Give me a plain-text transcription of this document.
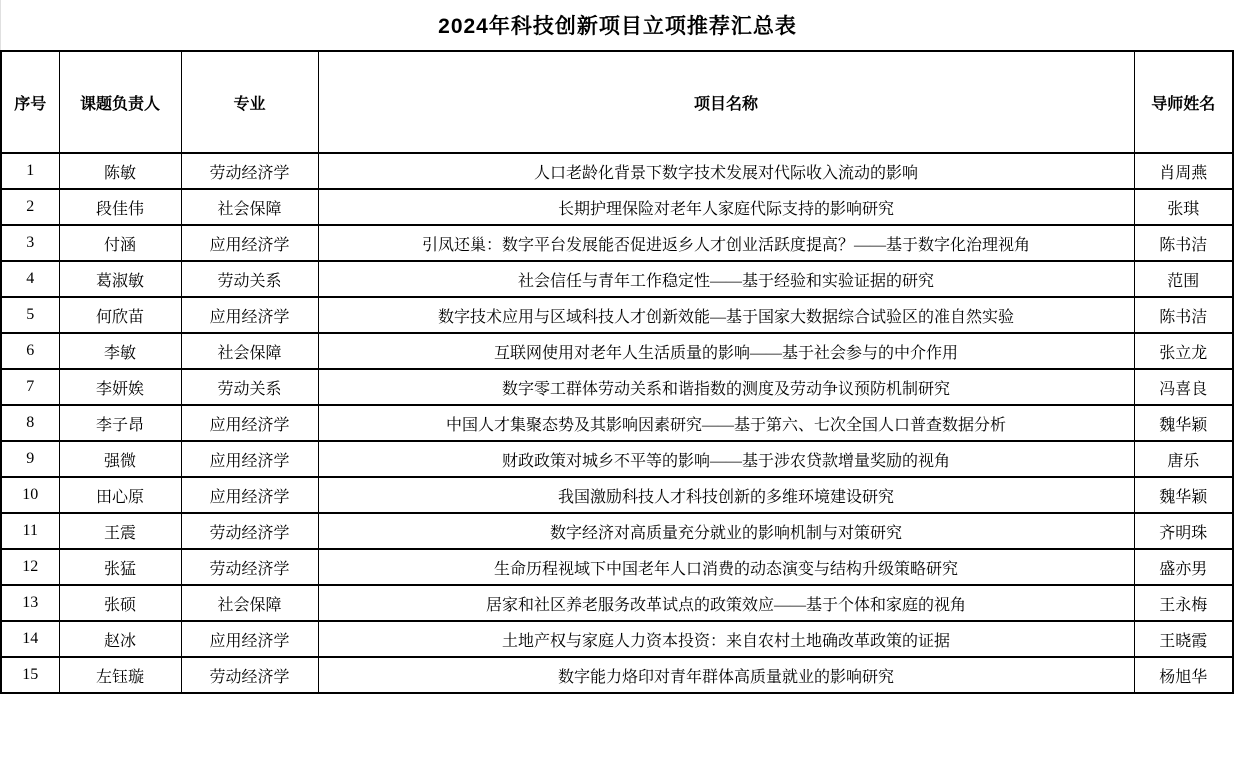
2024年科技创新项目立项推荐汇总表
序号	课题负责人	专业	项目名称	导师姓名
1	陈敏	劳动经济学	人口老龄化背景下数字技术发展对代际收入流动的影响	肖周燕
2	段佳伟	社会保障	长期护理保险对老年人家庭代际支持的影响研究	张琪
3	付涵	应用经济学	引凤还巢：数字平台发展能否促进返乡人才创业活跃度提高？——基于数字化治理视角	陈书洁
4	葛淑敏	劳动关系	社会信任与青年工作稳定性——基于经验和实验证据的研究	范围
5	何欣苗	应用经济学	数字技术应用与区域科技人才创新效能—基于国家大数据综合试验区的准自然实验	陈书洁
6	李敏	社会保障	互联网使用对老年人生活质量的影响——基于社会参与的中介作用	张立龙
7	李妍娭	劳动关系	数字零工群体劳动关系和谐指数的测度及劳动争议预防机制研究	冯喜良
8	李子昂	应用经济学	中国人才集聚态势及其影响因素研究——基于第六、七次全国人口普查数据分析	魏华颖
9	强微	应用经济学	财政政策对城乡不平等的影响——基于涉农贷款增量奖励的视角	唐乐
10	田心原	应用经济学	我国激励科技人才科技创新的多维环境建设研究	魏华颖
11	王震	劳动经济学	数字经济对高质量充分就业的影响机制与对策研究	齐明珠
12	张猛	劳动经济学	生命历程视域下中国老年人口消费的动态演变与结构升级策略研究	盛亦男
13	张硕	社会保障	居家和社区养老服务改革试点的政策效应——基于个体和家庭的视角	王永梅
14	赵冰	应用经济学	土地产权与家庭人力资本投资：来自农村土地确改革政策的证据	王晓霞
15	左钰璇	劳动经济学	数字能力烙印对青年群体高质量就业的影响研究	杨旭华
